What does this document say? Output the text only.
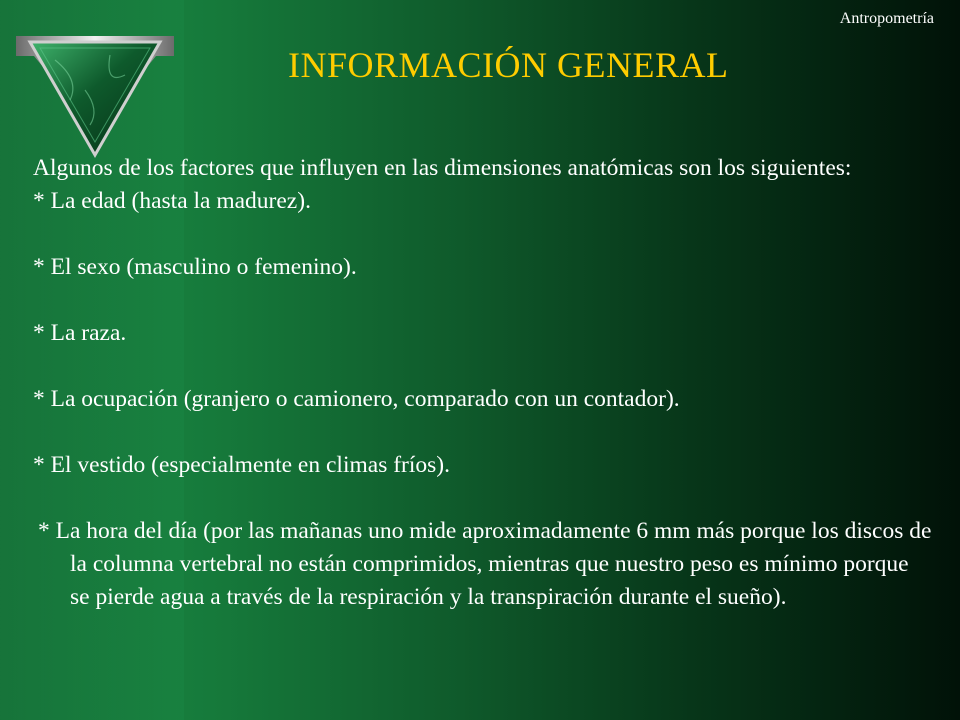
Antropometría
INFORMACIÓN GENERAL

Algunos de los factores que influyen en las dimensiones anatómicas son los siguientes:

* La edad (hasta la madurez).

* El sexo (masculino o femenino).

* La raza.

* La ocupación (granjero o camionero, comparado con un contador).

* El vestido (especialmente en climas fríos).

* La hora del día (por las mañanas uno mide aproximadamente 6 mm más porque los discos de la columna vertebral no están comprimidos, mientras que nuestro peso es mínimo porque se pierde agua a través de la respiración y la transpiración durante el sueño).
